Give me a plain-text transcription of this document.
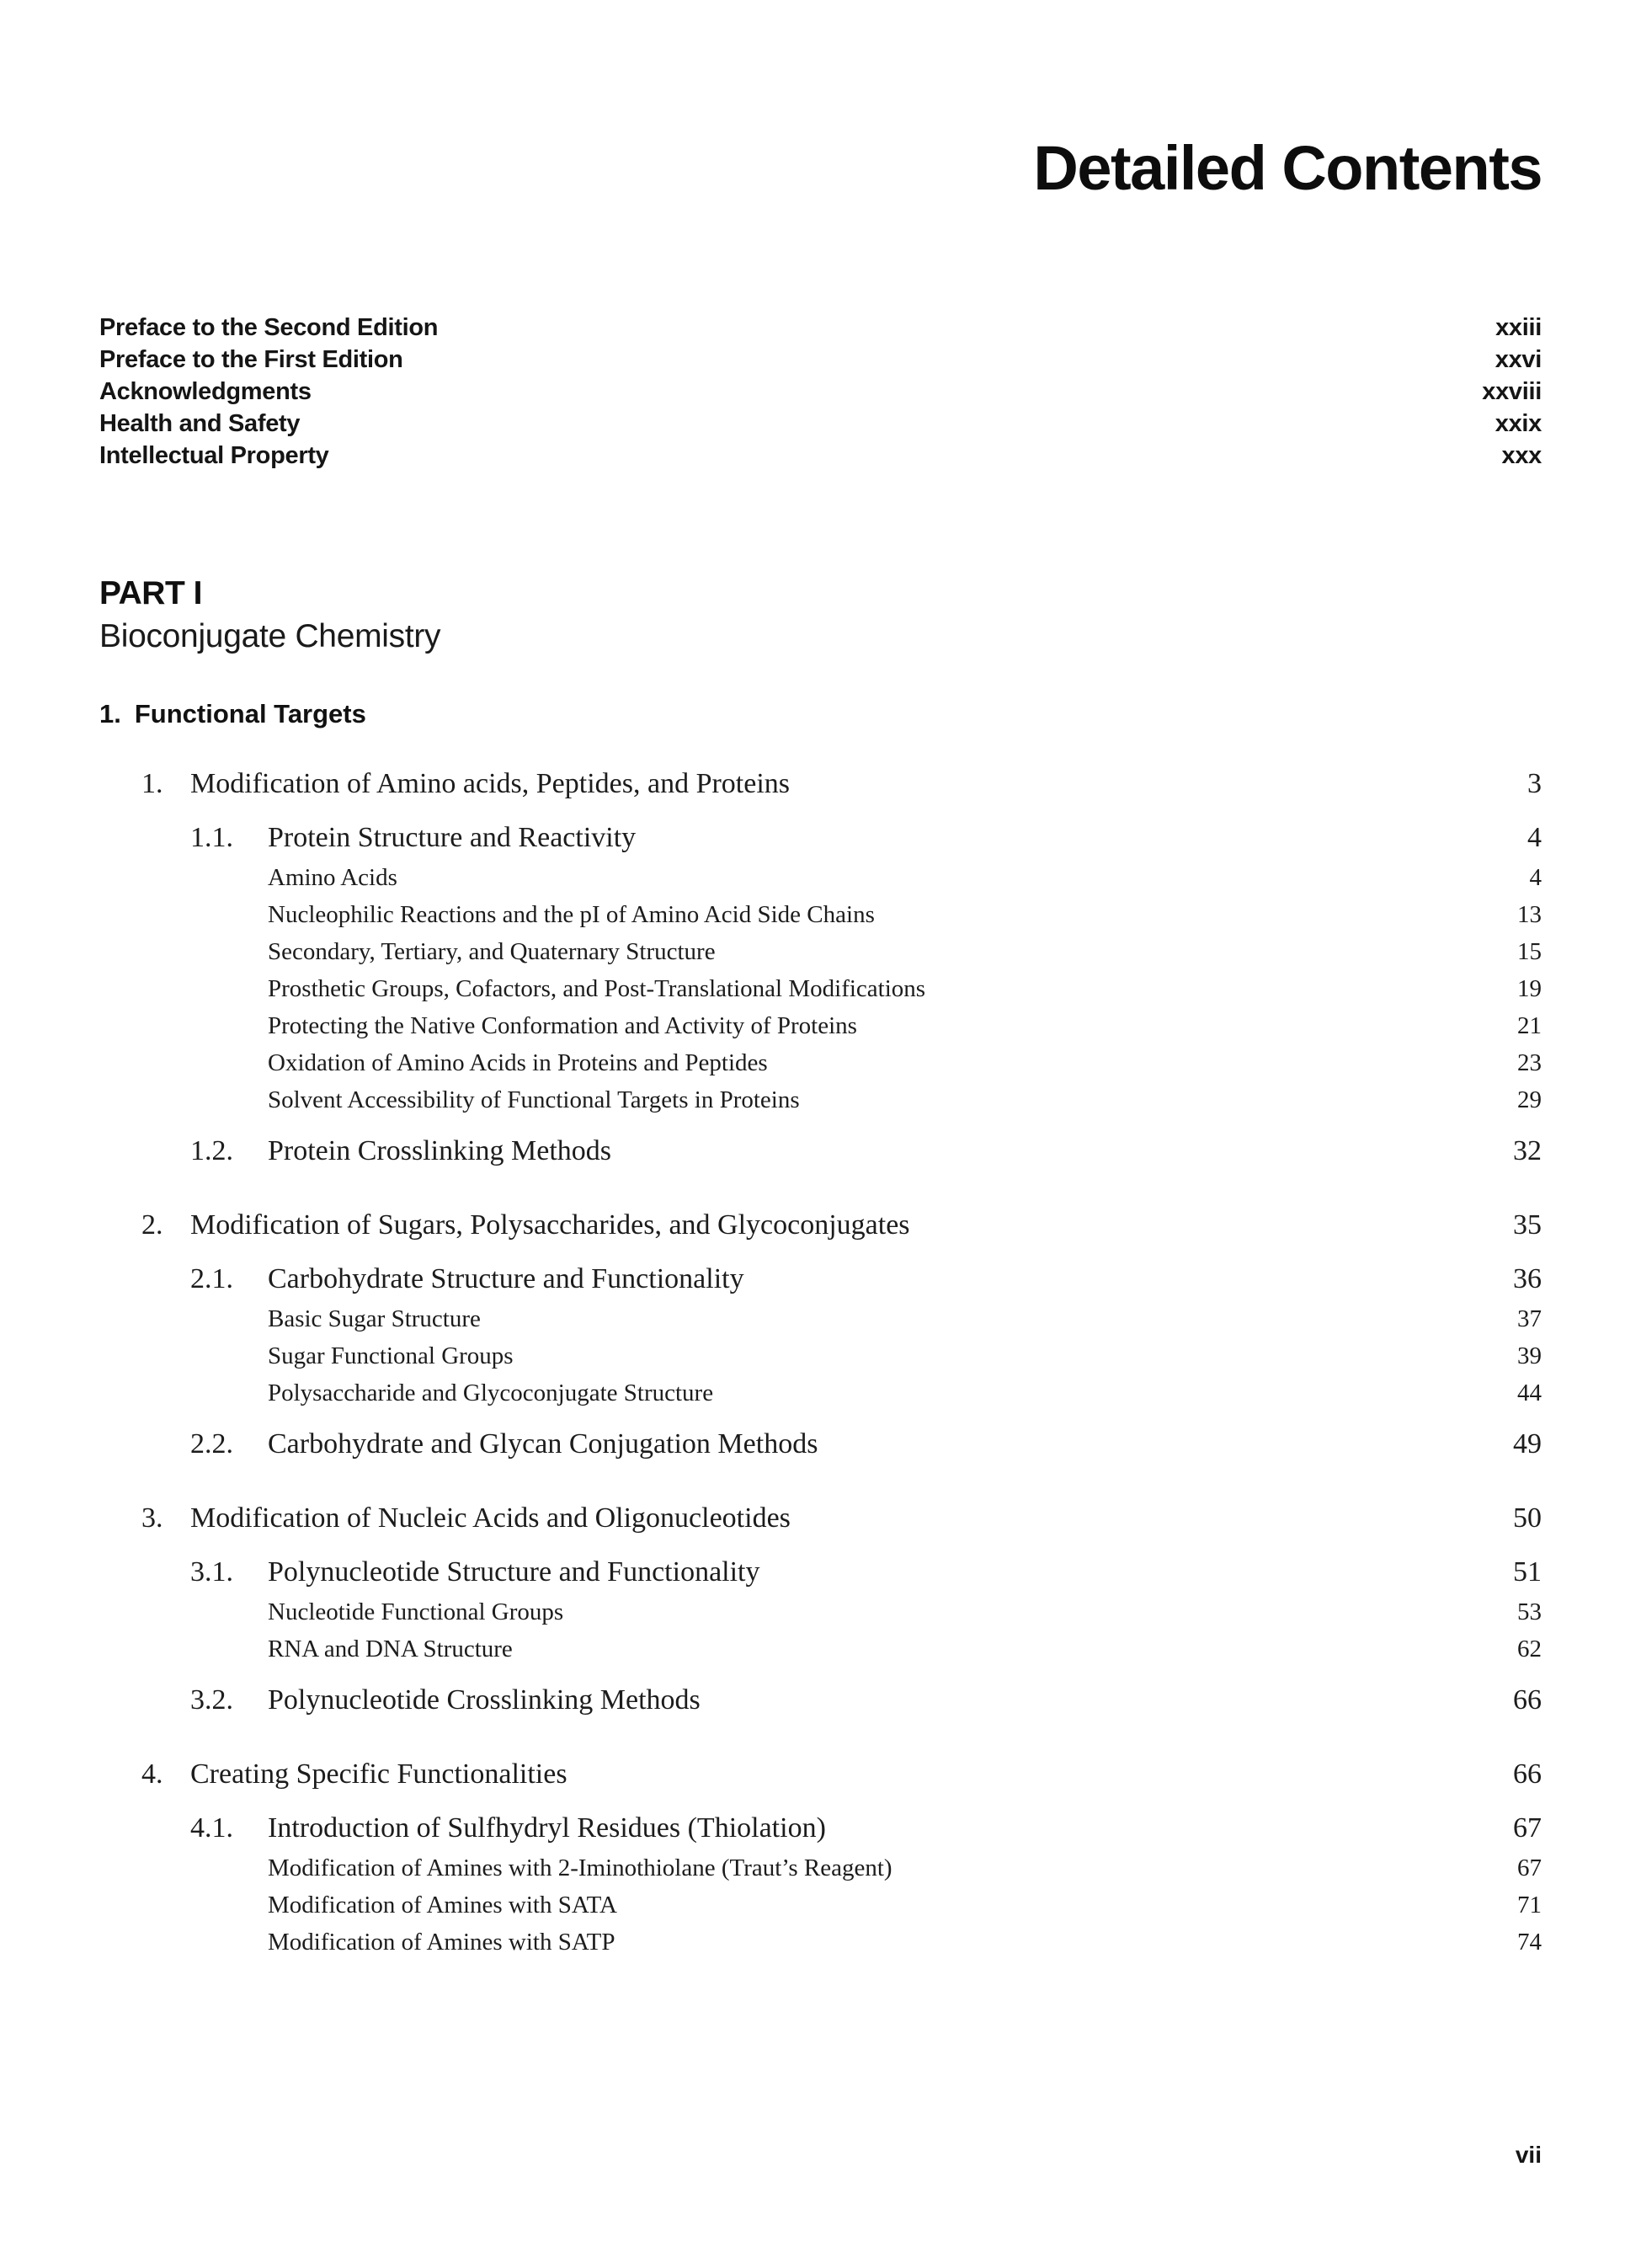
Detailed Contents
Preface to the Second Edition	xxiii
Preface to the First Edition	xxvi
Acknowledgments	xxviii
Health and Safety	xxix
Intellectual Property	xxx
PART I
Bioconjugate Chemistry
1. Functional Targets
1. Modification of Amino acids, Peptides, and Proteins	3
1.1.	Protein Structure and Reactivity	4
Amino Acids	4
Nucleophilic Reactions and the pI of Amino Acid Side Chains	13
Secondary, Tertiary, and Quaternary Structure	15
Prosthetic Groups, Cofactors, and Post-Translational Modifications	19
Protecting the Native Conformation and Activity of Proteins	21
Oxidation of Amino Acids in Proteins and Peptides	23
Solvent Accessibility of Functional Targets in Proteins	29
1.2.	Protein Crosslinking Methods	32
2. Modification of Sugars, Polysaccharides, and Glycoconjugates	35
2.1.	Carbohydrate Structure and Functionality	36
Basic Sugar Structure	37
Sugar Functional Groups	39
Polysaccharide and Glycoconjugate Structure	44
2.2.	Carbohydrate and Glycan Conjugation Methods	49
3. Modification of Nucleic Acids and Oligonucleotides	50
3.1.	Polynucleotide Structure and Functionality	51
Nucleotide Functional Groups	53
RNA and DNA Structure	62
3.2.	Polynucleotide Crosslinking Methods	66
4. Creating Specific Functionalities	66
4.1.	Introduction of Sulfhydryl Residues (Thiolation)	67
Modification of Amines with 2-Iminothiolane (Traut’s Reagent)	67
Modification of Amines with SATA	71
Modification of Amines with SATP	74
vii
